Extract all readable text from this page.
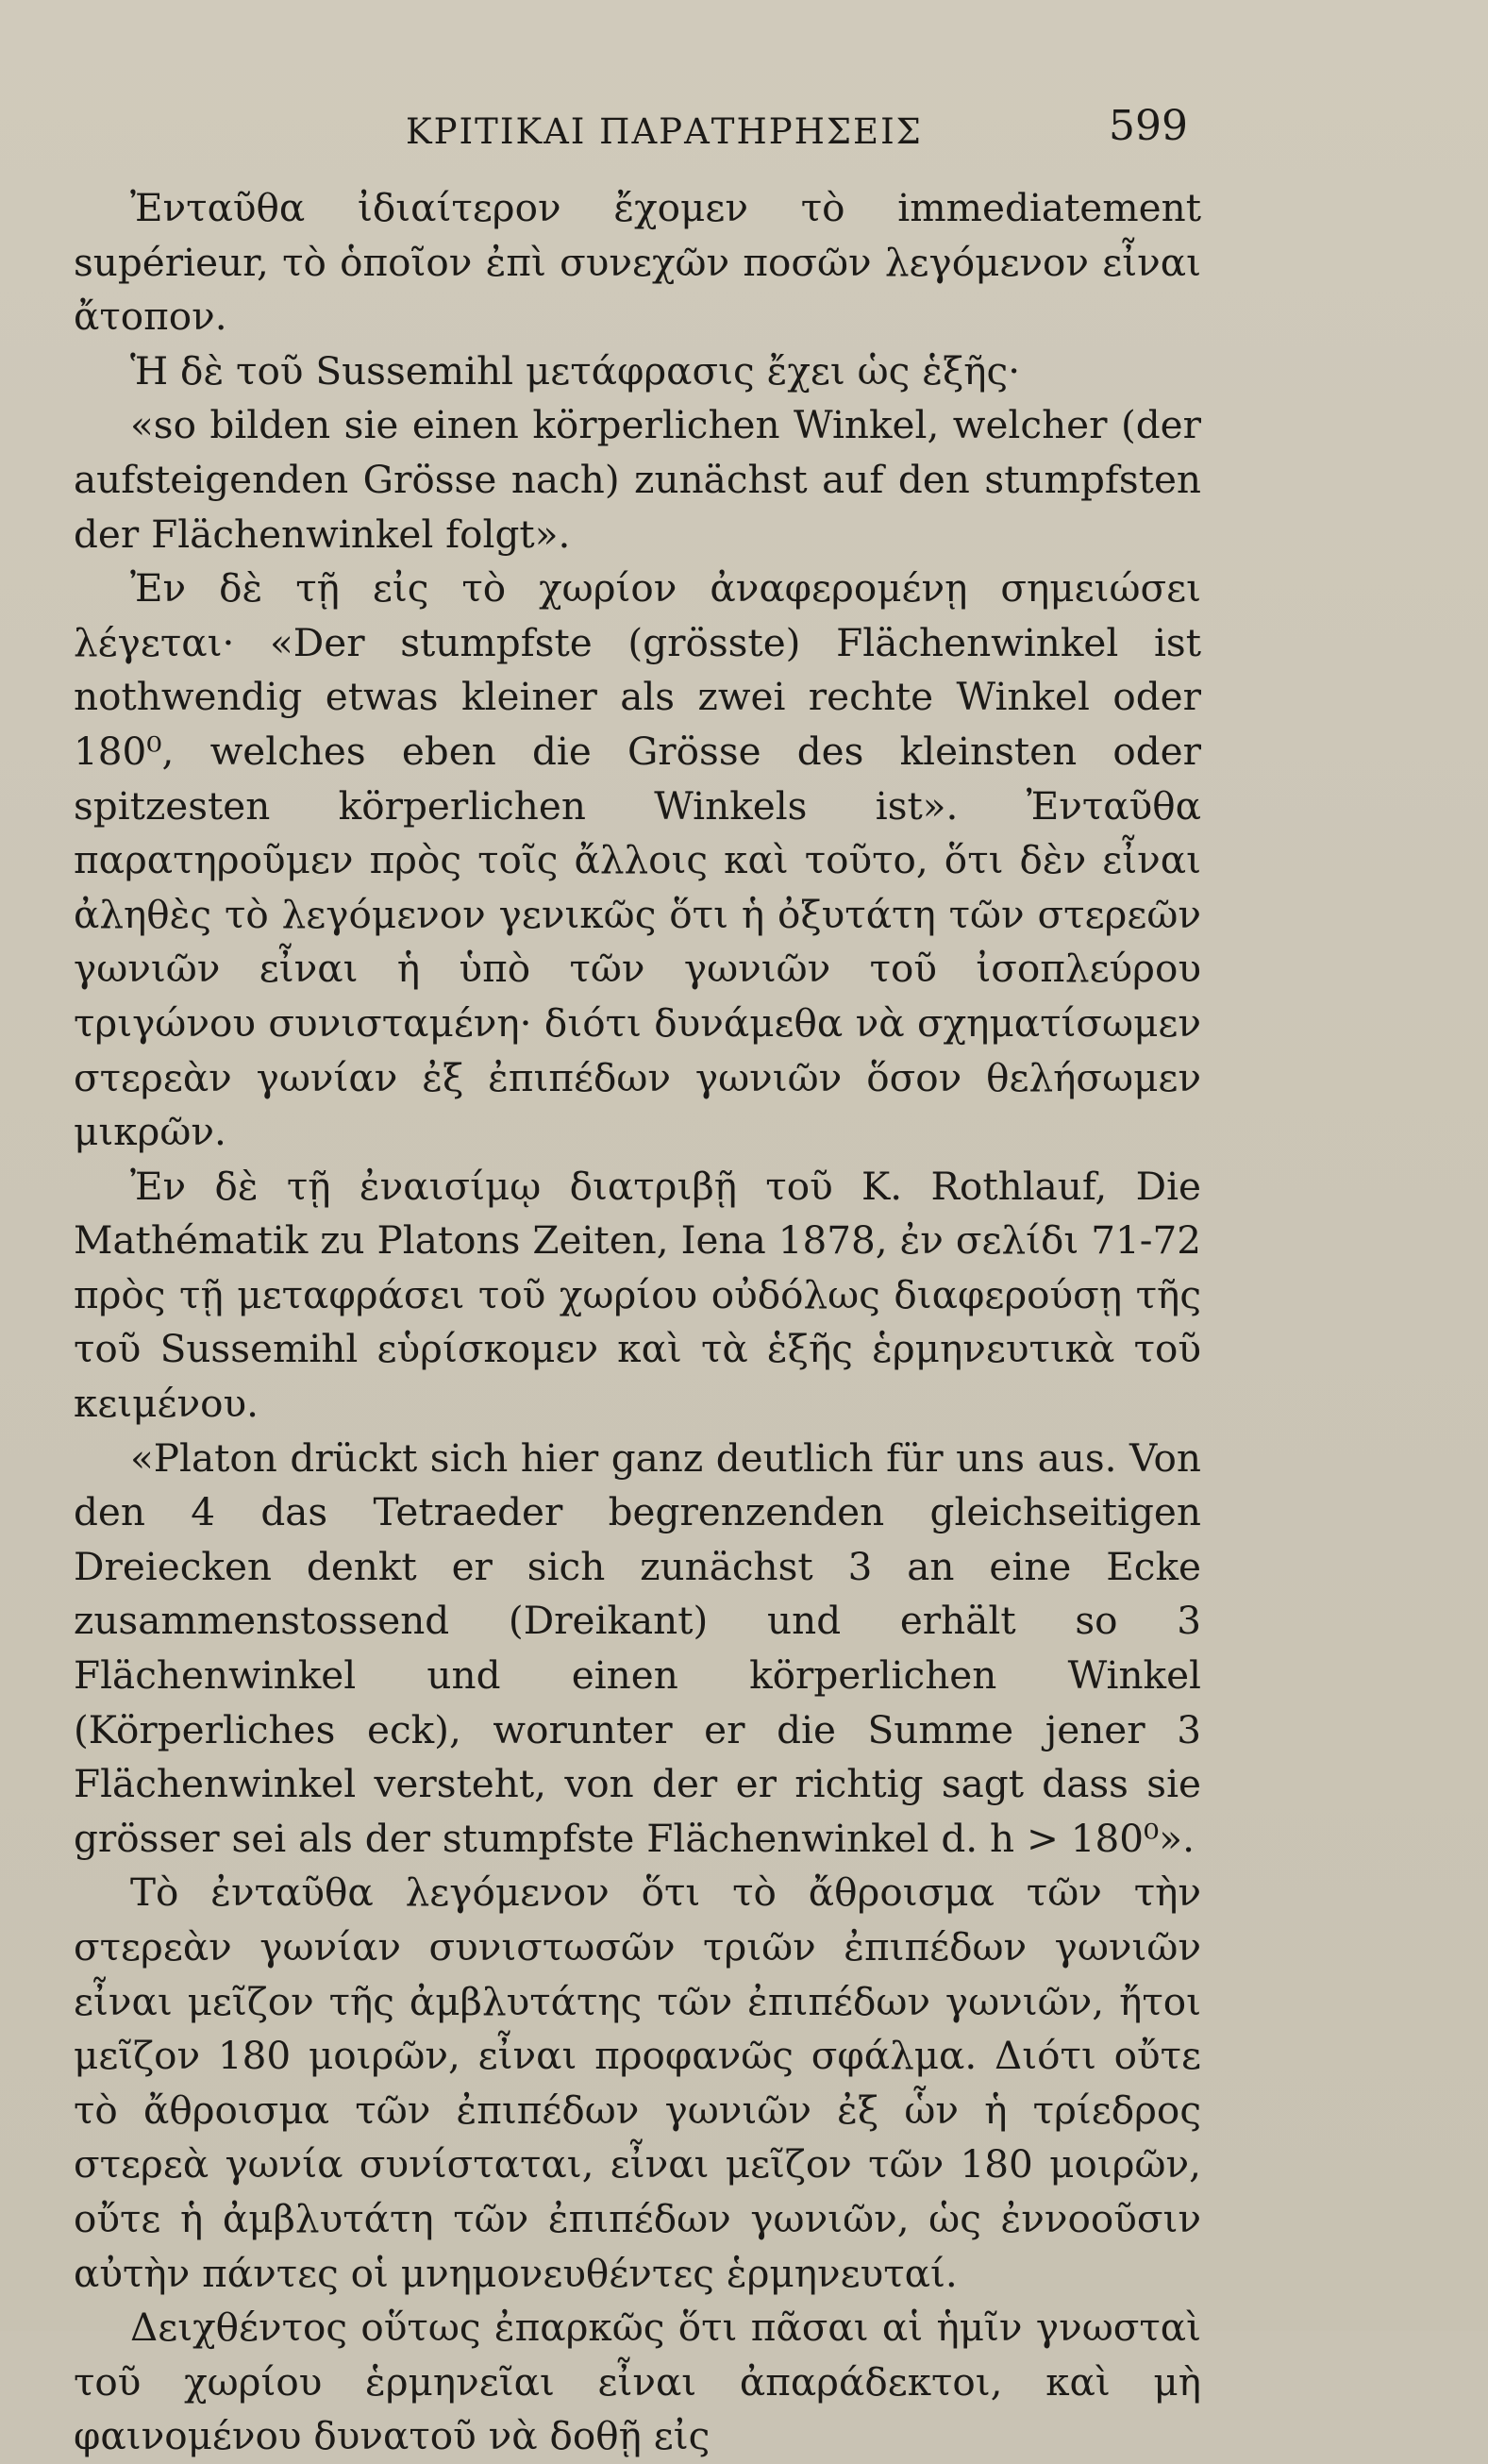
ΚΡΙΤΙΚΑΙ ΠΑΡΑΤΗΡΗΣΕΙΣ	599

Ἐνταῦθα ἰδιαίτερον ἔχομεν τὸ immediatement supérieur, τὸ ὁποῖον ἐπὶ συνεχῶν ποσῶν λεγόμενον εἶναι ἄτοπον.

Ἡ δὲ τοῦ Sussemihl μετάφρασις ἔχει ὡς ἑξῆς·

«so bilden sie einen körperlichen Winkel, welcher (der aufsteigenden Grösse nach) zunächst auf den stumpfsten der Flächenwinkel folgt».

Ἐν δὲ τῇ εἰς τὸ χωρίον ἀναφερομένῃ σημειώσει λέγεται· «Der stumpfste (grösste) Flächenwinkel ist nothwendig etwas kleiner als zwei rechte Winkel oder 180⁰, welches eben die Grösse des kleinsten oder spitzesten körperlichen Winkels ist». Ἐνταῦθα παρατηροῦμεν πρὸς τοῖς ἄλλοις καὶ τοῦτο, ὅτι δὲν εἶναι ἀληθὲς τὸ λεγόμενον γενικῶς ὅτι ἡ ὀξυτάτη τῶν στερεῶν γωνιῶν εἶναι ἡ ὑπὸ τῶν γωνιῶν τοῦ ἰσοπλεύρου τριγώνου συνισταμένη· διότι δυνάμεθα νὰ σχηματίσωμεν στερεὰν γωνίαν ἐξ ἐπιπέδων γωνιῶν ὅσον θελήσωμεν μικρῶν.

Ἐν δὲ τῇ ἐναισίμῳ διατριβῇ τοῦ K. Rothlauf, Die Mathématik zu Platons Zeiten, Iena 1878, ἐν σελίδι 71-72 πρὸς τῇ μεταφράσει τοῦ χωρίου οὐδόλως διαφερούσῃ τῆς τοῦ Sussemihl εὑρίσκομεν καὶ τὰ ἑξῆς ἑρμηνευτικὰ τοῦ κειμένου.

«Platon drückt sich hier ganz deutlich für uns aus. Von den 4 das Tetraeder begrenzenden gleichseitigen Dreiecken denkt er sich zunächst 3 an eine Ecke zusammenstossend (Dreikant) und erhält so 3 Flächenwinkel und einen körperlichen Winkel (Körperliches eck), worunter er die Summe jener 3 Flächenwinkel versteht, von der er richtig sagt dass sie grösser sei als der stumpfste Flächenwinkel d. h > 180⁰».

Τὸ ἐνταῦθα λεγόμενον ὅτι τὸ ἄθροισμα τῶν τὴν στερεὰν γωνίαν συνιστωσῶν τριῶν ἐπιπέδων γωνιῶν εἶναι μεῖζον τῆς ἀμβλυτάτης τῶν ἐπιπέδων γωνιῶν, ἤτοι μεῖζον 180 μοιρῶν, εἶναι προφανῶς σφάλμα. Διότι οὔτε τὸ ἄθροισμα τῶν ἐπιπέδων γωνιῶν ἐξ ὧν ἡ τρίεδρος στερεὰ γωνία συνίσταται, εἶναι μεῖζον τῶν 180 μοιρῶν, οὔτε ἡ ἀμβλυτάτη τῶν ἐπιπέδων γωνιῶν, ὡς ἐννοοῦσιν αὐτὴν πάντες οἱ μνημονευθέντες ἑρμηνευταί.

Δειχθέντος οὕτως ἐπαρκῶς ὅτι πᾶσαι αἱ ἡμῖν γνωσταὶ τοῦ χωρίου ἑρμηνεῖαι εἶναι ἀπαράδεκτοι, καὶ μὴ φαινομένου δυνατοῦ νὰ δοθῇ εἰς
